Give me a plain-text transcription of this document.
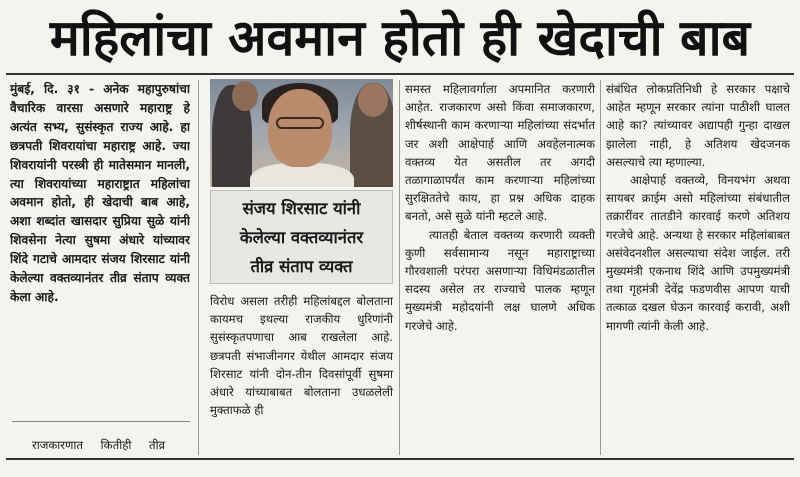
महिलांचा अवमान होतो ही खेदाची बाब

मुंबई, दि. ३१ - अनेक महापुरुषांचा वैचारिक वारसा असणारे महाराष्ट्र हे अत्यंत सभ्य, सुसंस्कृत राज्य आहे. हा छत्रपती शिवरायांचा महाराष्ट्र आहे. ज्या शिवरायांनी परस्त्री ही मातेसमान मानली, त्या शिवरायांच्या महाराष्ट्रात महिलांचा अवमान होतो, ही खेदाची बाब आहे, अशा शब्दांत खासदार सुप्रिया सुळे यांनी शिवसेना नेत्या सुषमा अंधारे यांच्यावर शिंदे गटाचे आमदार संजय शिरसाट यांनी केलेल्या वक्तव्यानंतर तीव्र संताप व्यक्त केला आहे.

राजकारणात कितीही तीव्र
संजय शिरसाट यांनी
केलेल्या वक्तव्यानंतर
तीव्र संताप व्यक्त

विरोध असला तरीही महिलांबद्दल बोलताना कायमच इथल्या राजकीय धुरिणांनी सुसंस्कृतपणाचा आब राखलेला आहे. छत्रपती संभाजीनगर येथील आमदार संजय शिरसाट यांनी दोन-तीन दिवसांपूर्वी सुषमा अंधारे यांच्याबाबत बोलताना उधळलेली मुक्ताफळे ही

समस्त महिलावर्गाला अपमानित करणारी आहेत. राजकारण असो किंवा समाजकारण, शीर्षस्थानी काम करणाऱ्या महिलांच्या संदर्भात जर अशी आक्षेपार्ह आणि अवहेलनात्मक वक्तव्य येत असतील तर अगदी तळागाळापर्यंत काम करणाऱ्या महिलांच्या सुरक्षिततेचे काय, हा प्रश्न अधिक दाहक बनतो, असे सुळे यांनी म्हटले आहे.

त्यातही बेताल वक्तव्य करणारी व्यक्ती कुणी सर्वसामान्य नसून महाराष्ट्राच्या गौरवशाली परंपरा असणाऱ्या विधिमंडळातील सदस्य असेल तर राज्याचे पालक म्हणून मुख्यमंत्री महोदयांनी लक्ष घालणे अधिक गरजेचे आहे.

संबंधित लोकप्रतिनिधी हे सरकार पक्षाचे आहेत म्हणून सरकार त्यांना पाठीशी घालत आहे का? त्यांच्यावर अद्यापही गुन्हा दाखल झालेला नाही, हे अतिशय खेदजनक असल्याचे त्या म्हणाल्या.

आक्षेपार्ह वक्तव्ये, विनयभंग अथवा सायबर क्राईम असो महिलांच्या संबंधातील तक्रारींवर तातडीने कारवाई करणे अतिशय गरजेचे आहे. अन्यथा हे सरकार महिलांबाबत असंवेदनशील असल्याचा संदेश जाईल. तरी मुख्यमंत्री एकनाथ शिंदे आणि उपमुख्यमंत्री तथा गृहमंत्री देवेंद्र फडणवीस आपण याची तत्काळ दखल घेऊन कारवाई करावी, अशी मागणी त्यांनी केली आहे.
